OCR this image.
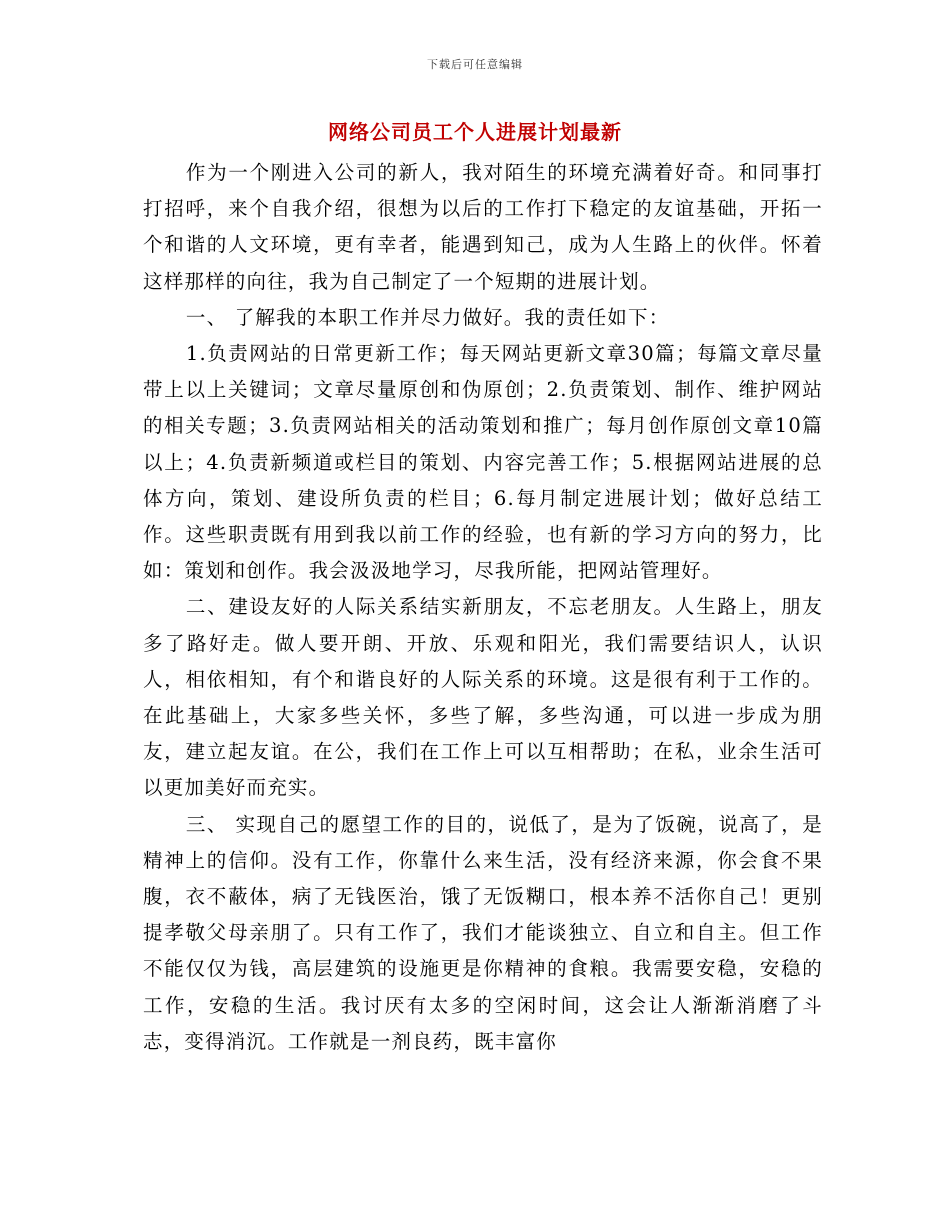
下载后可任意编辑
网络公司员工个人进展计划最新

作为一个刚进入公司的新人，我对陌生的环境充满着好奇。和同事打打招呼，来个自我介绍，很想为以后的工作打下稳定的友谊基础，开拓一个和谐的人文环境，更有幸者，能遇到知己，成为人生路上的伙伴。怀着这样那样的向往，我为自己制定了一个短期的进展计划。

一、 了解我的本职工作并尽力做好。我的责任如下：

1.负责网站的日常更新工作；每天网站更新文章30篇；每篇文章尽量带上以上关键词；文章尽量原创和伪原创；2.负责策划、制作、维护网站的相关专题；3.负责网站相关的活动策划和推广；每月创作原创文章10篇以上；4.负责新频道或栏目的策划、内容完善工作；5.根据网站进展的总体方向，策划、建设所负责的栏目；6.每月制定进展计划；做好总结工作。这些职责既有用到我以前工作的经验，也有新的学习方向的努力，比如：策划和创作。我会汲汲地学习，尽我所能，把网站管理好。

二、建设友好的人际关系结实新朋友，不忘老朋友。人生路上，朋友多了路好走。做人要开朗、开放、乐观和阳光，我们需要结识人，认识人，相依相知，有个和谐良好的人际关系的环境。这是很有利于工作的。在此基础上，大家多些关怀，多些了解，多些沟通，可以进一步成为朋友，建立起友谊。在公，我们在工作上可以互相帮助；在私，业余生活可以更加美好而充实。

三、 实现自己的愿望工作的目的，说低了，是为了饭碗，说高了，是精神上的信仰。没有工作，你靠什么来生活，没有经济来源，你会食不果腹，衣不蔽体，病了无钱医治，饿了无饭糊口，根本养不活你自己！更别提孝敬父母亲朋了。只有工作了，我们才能谈独立、自立和自主。但工作不能仅仅为钱，高层建筑的设施更是你精神的食粮。我需要安稳，安稳的工作，安稳的生活。我讨厌有太多的空闲时间，这会让人渐渐消磨了斗志，变得消沉。工作就是一剂良药，既丰富你
